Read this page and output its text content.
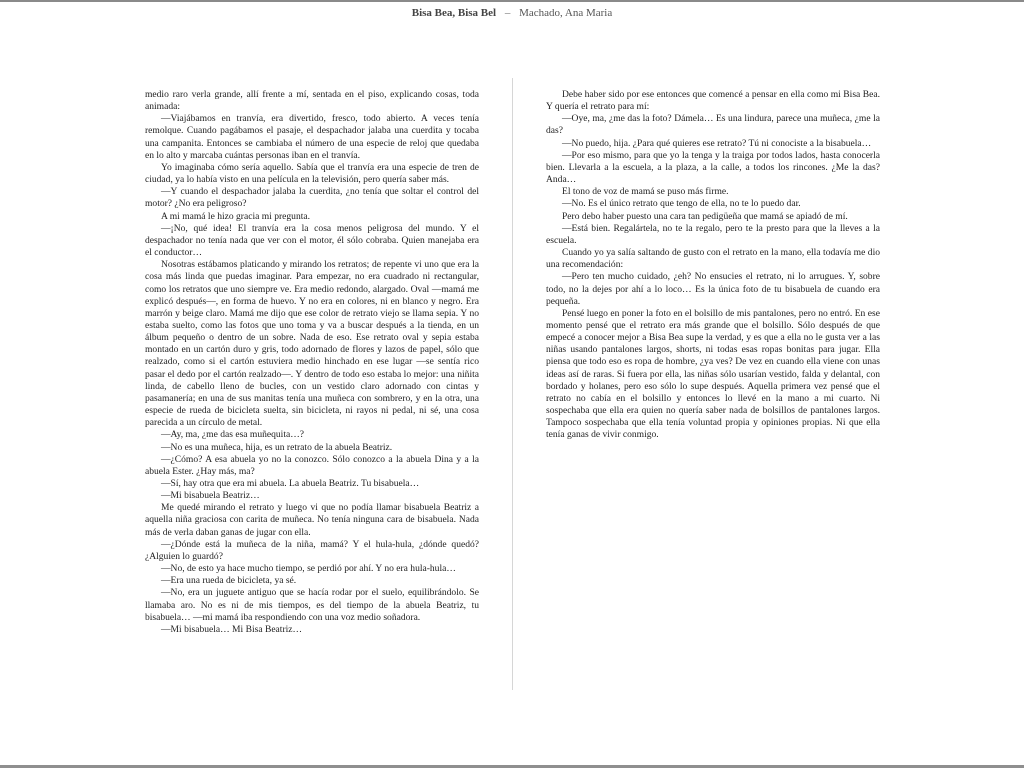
Bisa Bea, Bisa Bel – Machado, Ana Maria

medio raro verla grande, allí frente a mí, sentada en el piso, explicando cosas, toda animada:

—Viajábamos en tranvía, era divertido, fresco, todo abierto. A veces tenía remolque. Cuando pagábamos el pasaje, el despachador jalaba una cuerdita y tocaba una campanita. Entonces se cambiaba el número de una especie de reloj que quedaba en lo alto y marcaba cuántas personas iban en el tranvía.

Yo imaginaba cómo sería aquello. Sabía que el tranvía era una especie de tren de ciudad, ya lo había visto en una película en la televisión, pero quería saber más.

—Y cuando el despachador jalaba la cuerdita, ¿no tenía que soltar el control del motor? ¿No era peligroso?

A mi mamá le hizo gracia mi pregunta.

—¡No, qué idea! El tranvía era la cosa menos peligrosa del mundo. Y el despachador no tenía nada que ver con el motor, él sólo cobraba. Quien manejaba era el conductor…

Nosotras estábamos platicando y mirando los retratos; de repente vi uno que era la cosa más linda que puedas imaginar. Para empezar, no era cuadrado ni rectangular, como los retratos que uno siempre ve. Era medio redondo, alargado. Oval —mamá me explicó después—, en forma de huevo. Y no era en colores, ni en blanco y negro. Era marrón y beige claro. Mamá me dijo que ese color de retrato viejo se llama sepia. Y no estaba suelto, como las fotos que uno toma y va a buscar después a la tienda, en un álbum pequeño o dentro de un sobre. Nada de eso. Ese retrato oval y sepia estaba montado en un cartón duro y gris, todo adornado de flores y lazos de papel, sólo que realzado, como si el cartón estuviera medio hinchado en ese lugar —se sentía rico pasar el dedo por el cartón realzado—. Y dentro de todo eso estaba lo mejor: una niñita linda, de cabello lleno de bucles, con un vestido claro adornado con cintas y pasamanería; en una de sus manitas tenía una muñeca con sombrero, y en la otra, una especie de rueda de bicicleta suelta, sin bicicleta, ni rayos ni pedal, ni sé, una cosa parecida a un círculo de metal.

—Ay, ma, ¿me das esa muñequita…?

—No es una muñeca, hija, es un retrato de la abuela Beatriz.

—¿Cómo? A esa abuela yo no la conozco. Sólo conozco a la abuela Dina y a la abuela Ester. ¿Hay más, ma?

—Sí, hay otra que era mi abuela. La abuela Beatriz. Tu bisabuela…

—Mi bisabuela Beatriz…

Me quedé mirando el retrato y luego vi que no podía llamar bisabuela Beatriz a aquella niña graciosa con carita de muñeca. No tenía ninguna cara de bisabuela. Nada más de verla daban ganas de jugar con ella.

—¿Dónde está la muñeca de la niña, mamá? Y el hula-hula, ¿dónde quedó? ¿Alguien lo guardó?

—No, de esto ya hace mucho tiempo, se perdió por ahí. Y no era hula-hula…

—Era una rueda de bicicleta, ya sé.

—No, era un juguete antiguo que se hacía rodar por el suelo, equilibrándolo. Se llamaba aro. No es ni de mis tiempos, es del tiempo de la abuela Beatriz, tu bisabuela… —mi mamá iba respondiendo con una voz medio soñadora.

—Mi bisabuela… Mi Bisa Beatriz…

Debe haber sido por ese entonces que comencé a pensar en ella como mi Bisa Bea. Y quería el retrato para mí:

—Oye, ma, ¿me das la foto? Dámela… Es una lindura, parece una muñeca, ¿me la das?

—No puedo, hija. ¿Para qué quieres ese retrato? Tú ni conociste a la bisabuela…

—Por eso mismo, para que yo la tenga y la traiga por todos lados, hasta conocerla bien. Llevarla a la escuela, a la plaza, a la calle, a todos los rincones. ¿Me la das? Anda…

El tono de voz de mamá se puso más firme.

—No. Es el único retrato que tengo de ella, no te lo puedo dar.

Pero debo haber puesto una cara tan pedigüeña que mamá se apiadó de mí.

—Está bien. Regalártela, no te la regalo, pero te la presto para que la lleves a la escuela.

Cuando yo ya salía saltando de gusto con el retrato en la mano, ella todavía me dio una recomendación:

—Pero ten mucho cuidado, ¿eh? No ensucies el retrato, ni lo arrugues. Y, sobre todo, no la dejes por ahí a lo loco… Es la única foto de tu bisabuela de cuando era pequeña.

Pensé luego en poner la foto en el bolsillo de mis pantalones, pero no entró. En ese momento pensé que el retrato era más grande que el bolsillo. Sólo después de que empecé a conocer mejor a Bisa Bea supe la verdad, y es que a ella no le gusta ver a las niñas usando pantalones largos, shorts, ni todas esas ropas bonitas para jugar. Ella piensa que todo eso es ropa de hombre, ¿ya ves? De vez en cuando ella viene con unas ideas así de raras. Si fuera por ella, las niñas sólo usarían vestido, falda y delantal, con bordado y holanes, pero eso sólo lo supe después. Aquella primera vez pensé que el retrato no cabía en el bolsillo y entonces lo llevé en la mano a mi cuarto. Ni sospechaba que ella era quien no quería saber nada de bolsillos de pantalones largos. Tampoco sospechaba que ella tenía voluntad propia y opiniones propias. Ni que ella tenía ganas de vivir conmigo.
